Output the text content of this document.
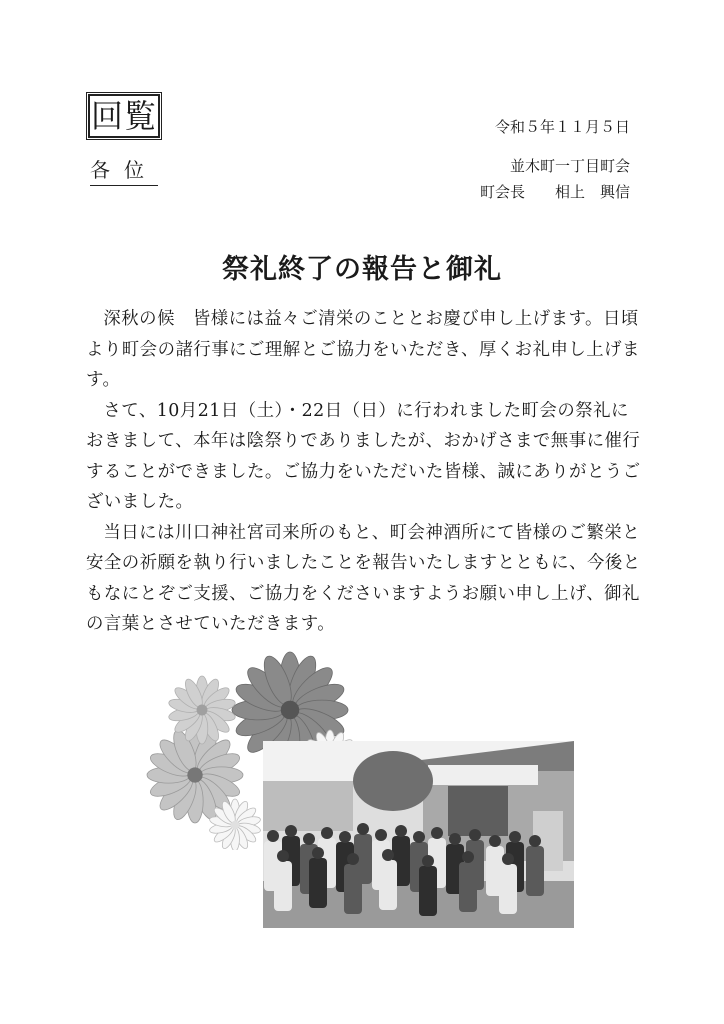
回覧	令和５年１１月５日
各位	並木町一丁目町会
町会長　　相上　興信
祭礼終了の報告と御礼

深秋の候　皆様には益々ご清栄のこととお慶び申し上げます。日頃より町会の諸行事にご理解とご協力をいただき、厚くお礼申し上げます。

さて、10月21日（土）・22日（日）に行われました町会の祭礼におきまして、本年は陰祭りでありましたが、おかげさまで無事に催行することができました。ご協力をいただいた皆様、誠にありがとうございました。

当日には川口神社宮司来所のもと、町会神酒所にて皆様のご繁栄と安全の祈願を執り行いましたことを報告いたしますとともに、今後ともなにとぞご支援、ご協力をくださいますようお願い申し上げ、御礼の言葉とさせていただきます。
